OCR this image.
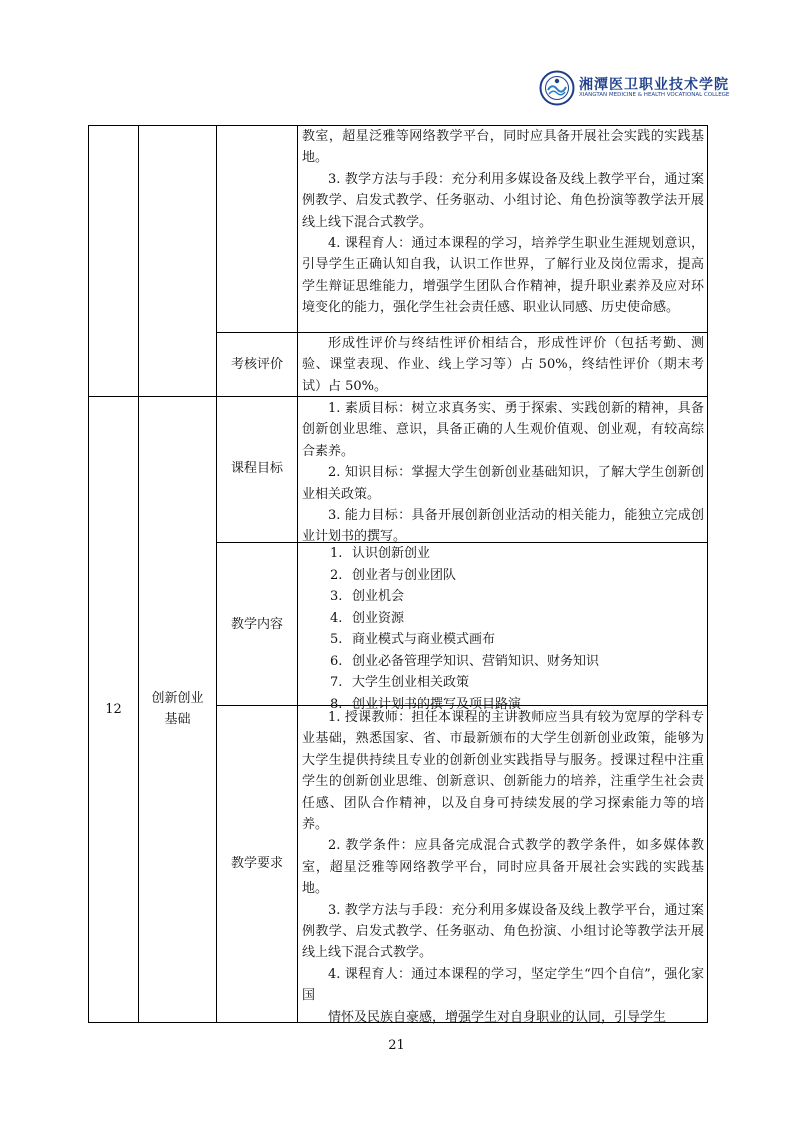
湘潭医卫职业技术学院
XIANGTAN MEDICINE & HEALTH VOCATIONAL COLLEGE

教室，超星泛雅等网络教学平台，同时应具备开展社会实践的实践基地。

3. 教学方法与手段：充分利用多媒设备及线上教学平台，通过案例教学、启发式教学、任务驱动、小组讨论、角色扮演等教学法开展线上线下混合式教学。

4. 课程育人：通过本课程的学习，培养学生职业生涯规划意识，引导学生正确认知自我，认识工作世界，了解行业及岗位需求，提高学生辩证思维能力，增强学生团队合作精神，提升职业素养及应对环境变化的能力，强化学生社会责任感、职业认同感、历史使命感。

考核评价

形成性评价与终结性评价相结合，形成性评价（包括考勤、测验、课堂表现、作业、线上学习等）占 50%，终结性评价（期末考试）占 50%。

12
创新创业
基础
课程目标

1. 素质目标：树立求真务实、勇于探索、实践创新的精神，具备创新创业思维、意识，具备正确的人生观价值观、创业观，有较高综合素养。

2. 知识目标：掌握大学生创新创业基础知识，了解大学生创新创业相关政策。

3. 能力目标：具备开展创新创业活动的相关能力，能独立完成创业计划书的撰写。

教学内容
1. 认识创新创业
2. 创业者与创业团队
3. 创业机会
4. 创业资源
5. 商业模式与商业模式画布
6. 创业必备管理学知识、营销知识、财务知识
7. 大学生创业相关政策
8. 创业计划书的撰写及项目路演
教学要求

1. 授课教师：担任本课程的主讲教师应当具有较为宽厚的学科专业基础，熟悉国家、省、市最新颁布的大学生创新创业政策，能够为大学生提供持续且专业的创新创业实践指导与服务。授课过程中注重学生的创新创业思维、创新意识、创新能力的培养，注重学生社会责任感、团队合作精神，以及自身可持续发展的学习探索能力等的培养。

2. 教学条件：应具备完成混合式教学的教学条件，如多媒体教室，超星泛雅等网络教学平台，同时应具备开展社会实践的实践基地。

3. 教学方法与手段：充分利用多媒设备及线上教学平台，通过案例教学、启发式教学、任务驱动、角色扮演、小组讨论等教学法开展线上线下混合式教学。

4. 课程育人：通过本课程的学习，坚定学生“四个自信”，强化家国

情怀及民族自豪感，增强学生对自身职业的认同，引导学生

21
